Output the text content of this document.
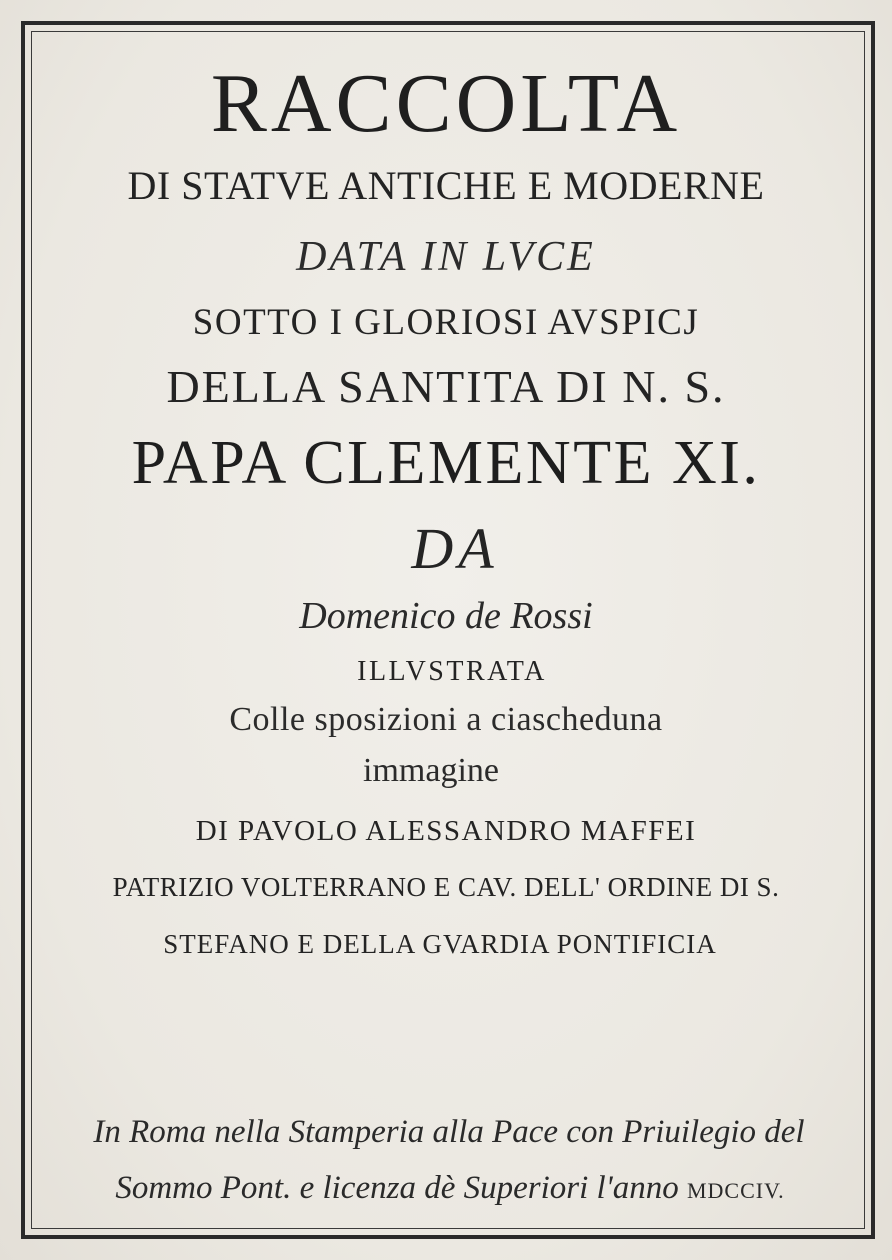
RACCOLTA
DI STATVE ANTICHE E MODERNE
DATA IN LVCE
SOTTO I GLORIOSI AVSPICJ
DELLA SANTITA DI N. S.
PAPA CLEMENTE XI.
DA
Domenico de Rossi
ILLVSTRATA
Colle sposizioni a ciascheduna
immagine
DI PAVOLO ALESSANDRO MAFFEI
PATRIZIO VOLTERRANO E CAV. DELL' ORDINE DI S.
STEFANO E DELLA GVARDIA PONTIFICIA
In Roma nella Stamperia alla Pace con Priuilegio del
Sommo Pont. e licenza dè Superiori l'anno MDCCIV.
